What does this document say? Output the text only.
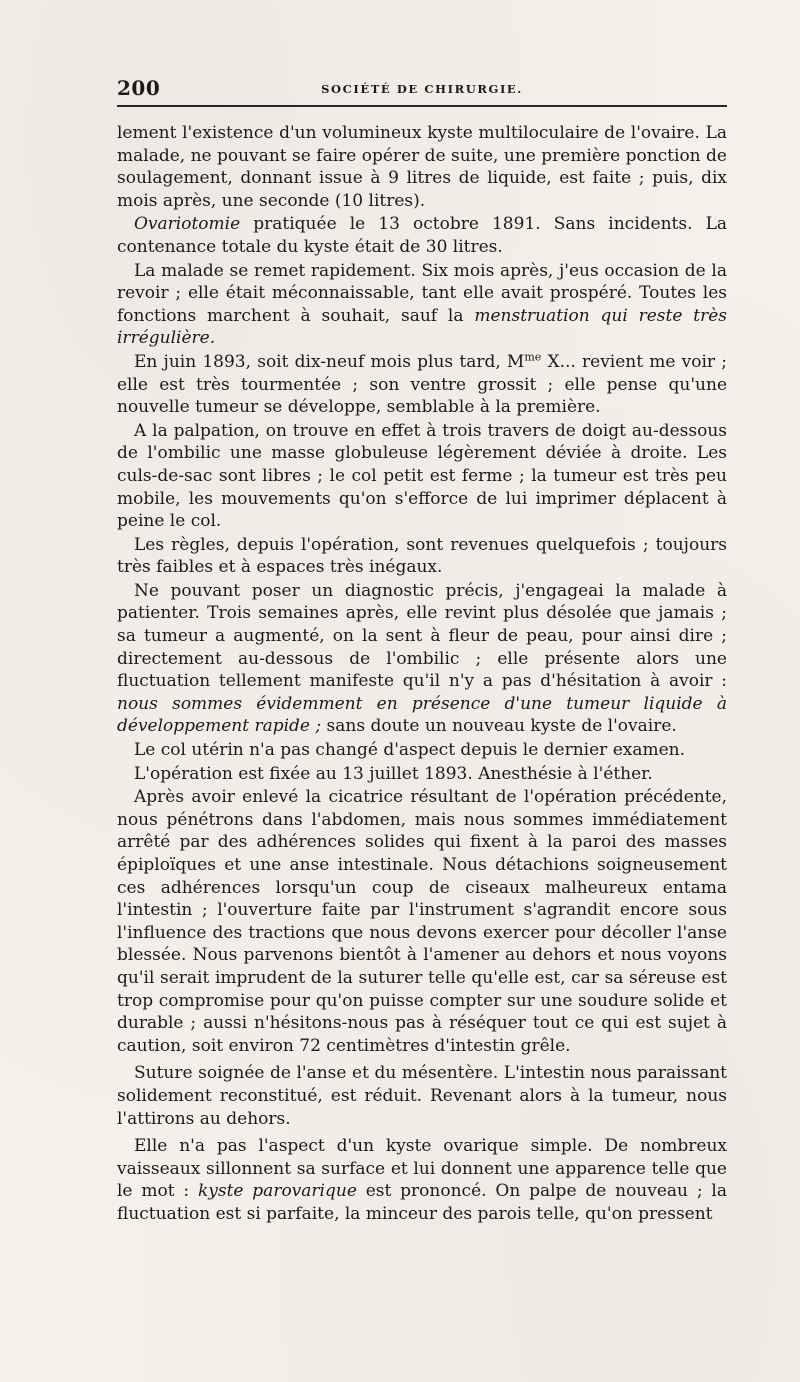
200	SOCIÉTÉ DE CHIRURGIE.

lement l'existence d'un volumineux kyste multiloculaire de l'ovaire. La malade, ne pouvant se faire opérer de suite, une première ponction de soulagement, donnant issue à 9 litres de liquide, est faite ; puis, dix mois après, une seconde (10 litres).

Ovariotomie pratiquée le 13 octobre 1891. Sans incidents. La contenance totale du kyste était de 30 litres.

La malade se remet rapidement. Six mois après, j'eus occasion de la revoir ; elle était méconnaissable, tant elle avait prospéré. Toutes les fonctions marchent à souhait, sauf la menstruation qui reste très irrégulière.

En juin 1893, soit dix-neuf mois plus tard, $M^{me}$ X... revient me voir ; elle est très tourmentée ; son ventre grossit ; elle pense qu'une nouvelle tumeur se développe, semblable à la première.

A la palpation, on trouve en effet à trois travers de doigt au-dessous de l'ombilic une masse globuleuse légèrement déviée à droite. Les culs-de-sac sont libres ; le col petit est ferme ; la tumeur est très peu mobile, les mouvements qu'on s'efforce de lui imprimer déplacent à peine le col.

Les règles, depuis l'opération, sont revenues quelquefois ; toujours très faibles et à espaces très inégaux.

Ne pouvant poser un diagnostic précis, j'engageai la malade à patienter. Trois semaines après, elle revint plus désolée que jamais ; sa tumeur a augmenté, on la sent à fleur de peau, pour ainsi dire ; directement au-dessous de l'ombilic ; elle présente alors une fluctuation tellement manifeste qu'il n'y a pas d'hésitation à avoir : nous sommes évidemment en présence d'une tumeur liquide à développement rapide ; sans doute un nouveau kyste de l'ovaire.

Le col utérin n'a pas changé d'aspect depuis le dernier examen.

L'opération est fixée au 13 juillet 1893. Anesthésie à l'éther.

Après avoir enlevé la cicatrice résultant de l'opération précédente, nous pénétrons dans l'abdomen, mais nous sommes immédiatement arrêté par des adhérences solides qui fixent à la paroi des masses épiploïques et une anse intestinale. Nous détachions soigneusement ces adhérences lorsqu'un coup de ciseaux malheureux entama l'intestin ; l'ouverture faite par l'instrument s'agrandit encore sous l'influence des tractions que nous devons exercer pour décoller l'anse blessée. Nous parvenons bientôt à l'amener au dehors et nous voyons qu'il serait imprudent de la suturer telle qu'elle est, car sa séreuse est trop compromise pour qu'on puisse compter sur une soudure solide et durable ; aussi n'hésitons-nous pas à réséquer tout ce qui est sujet à caution, soit environ 72 centimètres d'intestin grêle.

Suture soignée de l'anse et du mésentère. L'intestin nous paraissant solidement reconstitué, est réduit. Revenant alors à la tumeur, nous l'attirons au dehors.

Elle n'a pas l'aspect d'un kyste ovarique simple. De nombreux vaisseaux sillonnent sa surface et lui donnent une apparence telle que le mot : kyste parovarique est prononcé. On palpe de nouveau ; la fluctuation est si parfaite, la minceur des parois telle, qu'on pressent
